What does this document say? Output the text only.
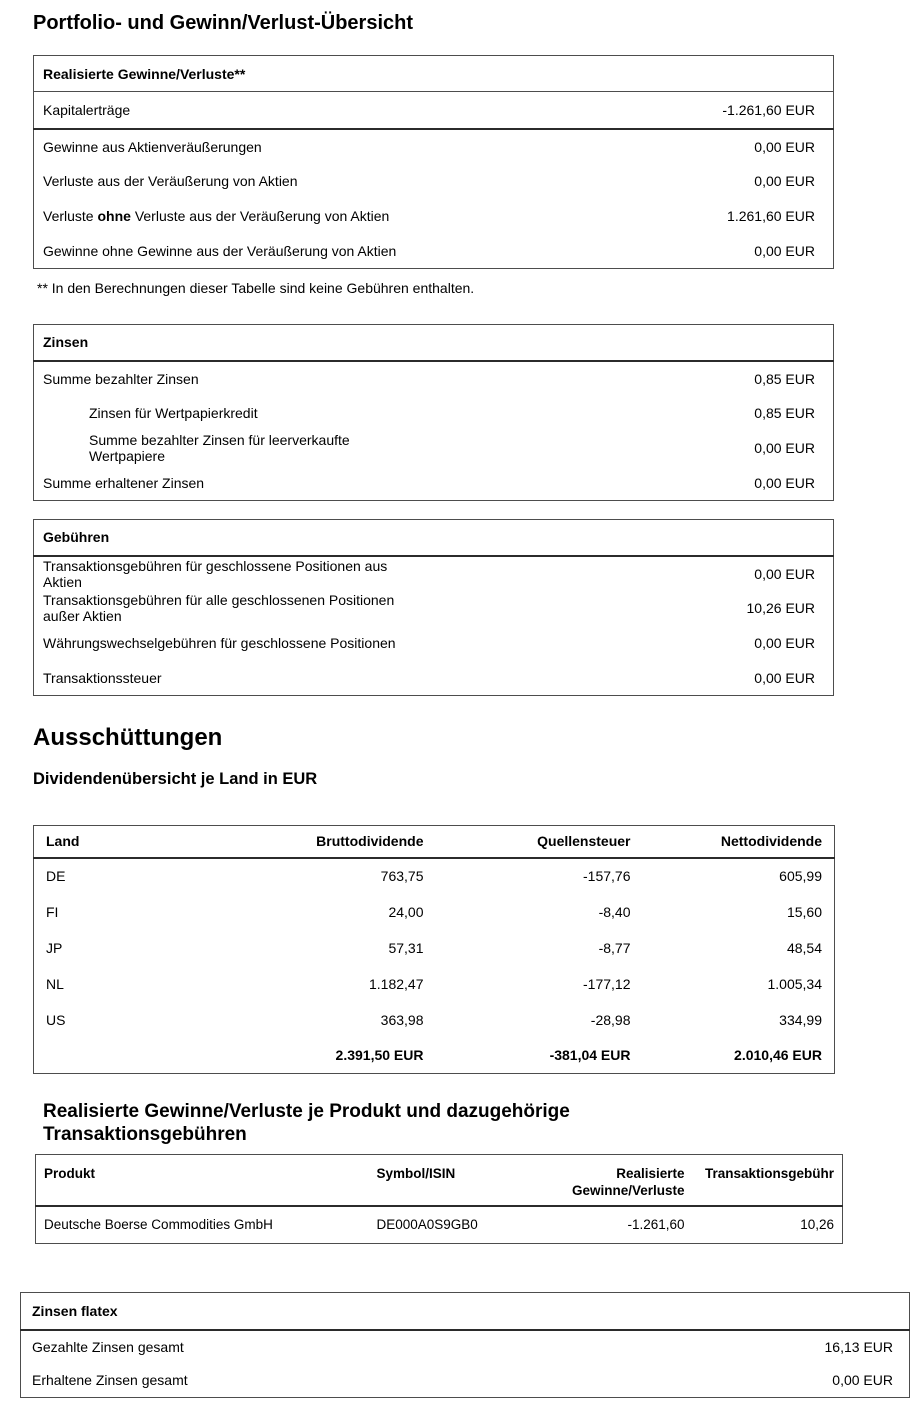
Portfolio- und Gewinn/Verlust-Übersicht
Realisierte Gewinne/Verluste**	
Kapitalerträge	-1.261,60 EUR
Gewinne aus Aktienveräußerungen	0,00 EUR
Verluste aus der Veräußerung von Aktien	0,00 EUR
Verluste ohne Verluste aus der Veräußerung von Aktien	1.261,60 EUR
Gewinne ohne Gewinne aus der Veräußerung von Aktien	0,00 EUR

** In den Berechnungen dieser Tabelle sind keine Gebühren enthalten.

Zinsen	
Summe bezahlter Zinsen	0,85 EUR
Zinsen für Wertpapierkredit	0,85 EUR
Summe bezahlter Zinsen für leerverkaufte Wertpapiere	0,00 EUR
Summe erhaltener Zinsen	0,00 EUR
Gebühren	
Transaktionsgebühren für geschlossene Positionen aus Aktien	0,00 EUR
Transaktionsgebühren für alle geschlossenen Positionen außer Aktien	10,26 EUR
Währungswechselgebühren für geschlossene Positionen	0,00 EUR
Transaktionssteuer	0,00 EUR
Ausschüttungen
Dividendenübersicht je Land in EUR
Land	Bruttodividende	Quellensteuer	Nettodividende
DE	763,75	-157,76	605,99
FI	24,00	-8,40	15,60
JP	57,31	-8,77	48,54
NL	1.182,47	-177,12	1.005,34
US	363,98	-28,98	334,99
	2.391,50 EUR	-381,04 EUR	2.010,46 EUR
Realisierte Gewinne/Verluste je Produkt und dazugehörige Transaktionsgebühren
Produkt	Symbol/ISIN	Realisierte Gewinne/Verluste	Transaktionsgebühr
Deutsche Boerse Commodities GmbH	DE000A0S9GB0	-1.261,60	10,26
Zinsen flatex	
Gezahlte Zinsen gesamt	16,13 EUR
Erhaltene Zinsen gesamt	0,00 EUR
